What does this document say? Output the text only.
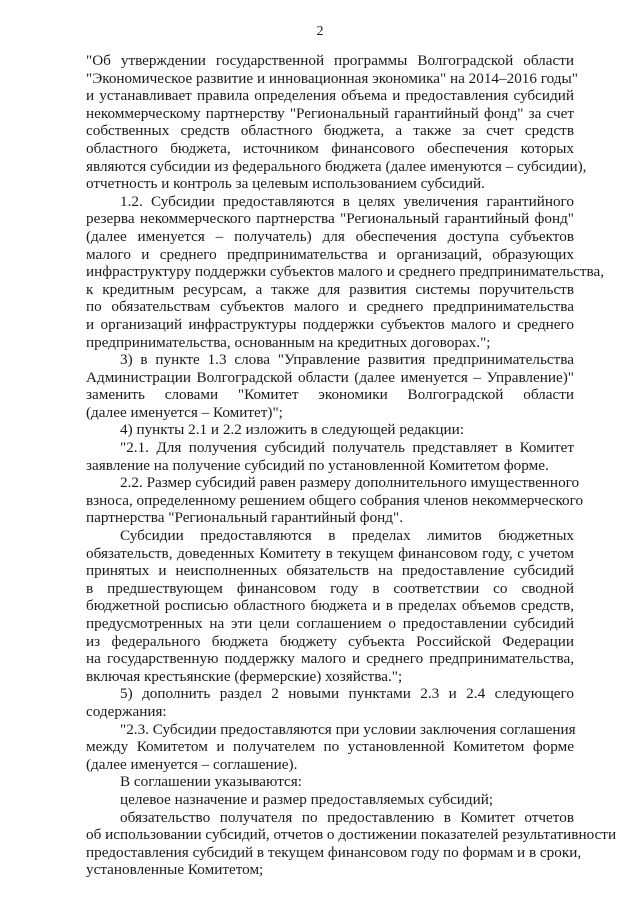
2
"Об утверждении государственной программы Волгоградской области
"Экономическое развитие и инновационная экономика" на 2014–2016 годы"
и устанавливает правила определения объема и предоставления субсидий
некоммерческому партнерству "Региональный гарантийный фонд" за счет
собственных средств областного бюджета, а также за счет средств
областного бюджета, источником финансового обеспечения которых
являются субсидии из федерального бюджета (далее именуются – субсидии),
отчетность и контроль за целевым использованием субсидий.
1.2. Субсидии предоставляются в целях увеличения гарантийного
резерва некоммерческого партнерства "Региональный гарантийный фонд"
(далее именуется – получатель) для обеспечения доступа субъектов
малого и среднего предпринимательства и организаций, образующих
инфраструктуру поддержки субъектов малого и среднего предпринимательства,
к кредитным ресурсам, а также для развития системы поручительств
по обязательствам субъектов малого и среднего предпринимательства
и организаций инфраструктуры поддержки субъектов малого и среднего
предпринимательства, основанным на кредитных договорах.";
3) в пункте 1.3 слова "Управление развития предпринимательства
Администрации Волгоградской области (далее именуется – Управление)"
заменить словами "Комитет экономики Волгоградской области
(далее именуется – Комитет)";
4) пункты 2.1 и 2.2 изложить в следующей редакции:
"2.1. Для получения субсидий получатель представляет в Комитет
заявление на получение субсидий по установленной Комитетом форме.
2.2. Размер субсидий равен размеру дополнительного имущественного
взноса, определенному решением общего собрания членов некоммерческого
партнерства "Региональный гарантийный фонд".
Субсидии предоставляются в пределах лимитов бюджетных
обязательств, доведенных Комитету в текущем финансовом году, с учетом
принятых и неисполненных обязательств на предоставление субсидий
в предшествующем финансовом году в соответствии со сводной
бюджетной росписью областного бюджета и в пределах объемов средств,
предусмотренных на эти цели соглашением о предоставлении субсидий
из федерального бюджета бюджету субъекта Российской Федерации
на государственную поддержку малого и среднего предпринимательства,
включая крестьянские (фермерские) хозяйства.";
5) дополнить раздел 2 новыми пунктами 2.3 и 2.4 следующего
содержания:
"2.3. Субсидии предоставляются при условии заключения соглашения
между Комитетом и получателем по установленной Комитетом форме
(далее именуется – соглашение).
В соглашении указываются:
целевое назначение и размер предоставляемых субсидий;
обязательство получателя по предоставлению в Комитет отчетов
об использовании субсидий, отчетов о достижении показателей результативности
предоставления субсидий в текущем финансовом году по формам и в сроки,
установленные Комитетом;
